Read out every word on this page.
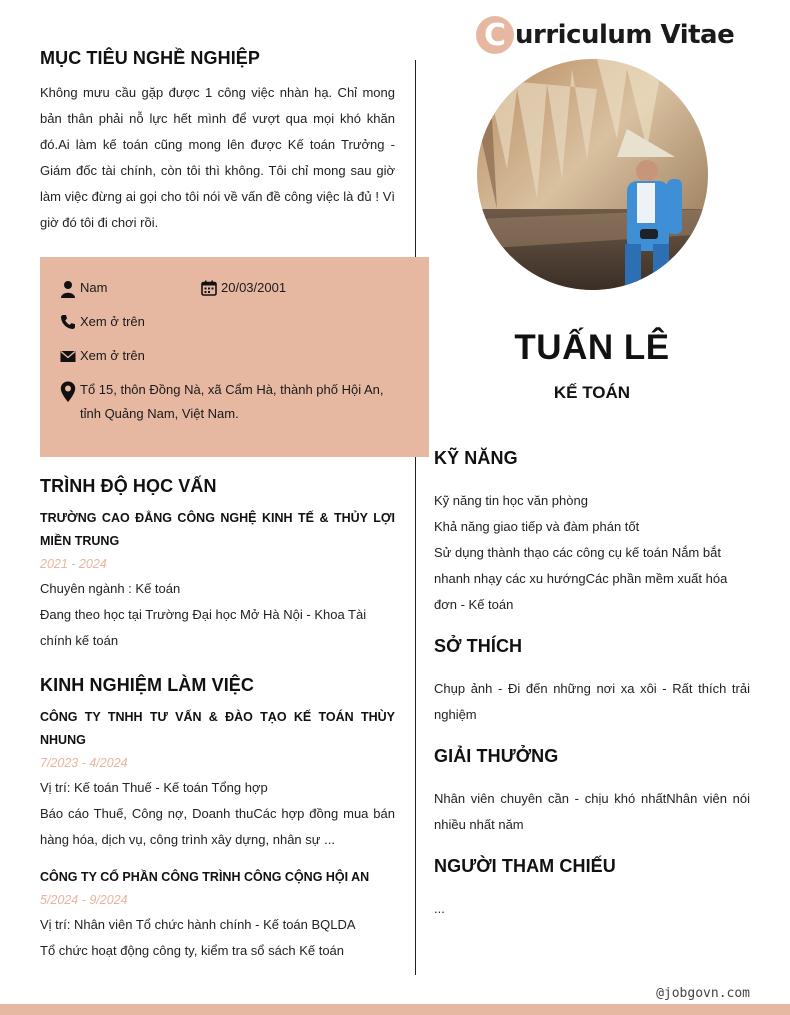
MỤC TIÊU NGHỀ NGHIỆP
Không mưu cầu gặp được 1 công việc nhàn hạ. Chỉ mong bản thân phải nỗ lực hết mình để vượt qua mọi khó khăn đó.Ai làm kế toán cũng mong lên được Kế toán Trưởng - Giám đốc tài chính, còn tôi thì không. Tôi chỉ mong sau giờ làm việc đừng ai gọi cho tôi nói về vấn đề công việc là đủ ! Vì giờ đó tôi đi chơi rồi.
Nam	20/03/2001
Xem ở trên
Xem ở trên
Tổ 15, thôn Đồng Nà, xã Cẩm Hà, thành phố Hội An, tỉnh Quảng Nam, Việt Nam.
TRÌNH ĐỘ HỌC VẤN
TRƯỜNG CAO ĐẲNG CÔNG NGHỆ KINH TẾ & THỦY LỢI MIỀN TRUNG
2021 - 2024
Chuyên ngành : Kế toán
Đang theo học tại Trường Đại học Mở Hà Nội - Khoa Tài chính kế toán
KINH NGHIỆM LÀM VIỆC
CÔNG TY TNHH TƯ VẤN & ĐÀO TẠO KẾ TOÁN THÙY NHUNG
7/2023 - 4/2024
Vị trí: Kế toán Thuế - Kế toán Tổng hợp
Báo cáo Thuế, Công nợ, Doanh thuCác hợp đồng mua bán hàng hóa, dịch vụ, công trình xây dựng, nhân sự ...
CÔNG TY CỔ PHẦN CÔNG TRÌNH CÔNG CỘNG HỘI AN
5/2024 - 9/2024
Vị trí: Nhân viên Tổ chức hành chính - Kế toán BQLDA
Tổ chức hoạt động công ty, kiểm tra sổ sách Kế toán
C urriculum Vitae
TUẤN LÊ
KẾ TOÁN
KỸ NĂNG
Kỹ năng tin học văn phòng
Khả năng giao tiếp và đàm phán tốt
Sử dụng thành thạo các công cụ kế toán Nắm bắt nhanh nhạy các xu hướngCác phần mềm xuất hóa đơn - Kế toán
SỞ THÍCH
Chụp ảnh - Đi đến những nơi xa xôi - Rất thích trải nghiệm
GIẢI THƯỞNG
Nhân viên chuyên cần - chịu khó nhấtNhân viên nói nhiều nhất năm
NGƯỜI THAM CHIẾU
...
@jobgovn.com
